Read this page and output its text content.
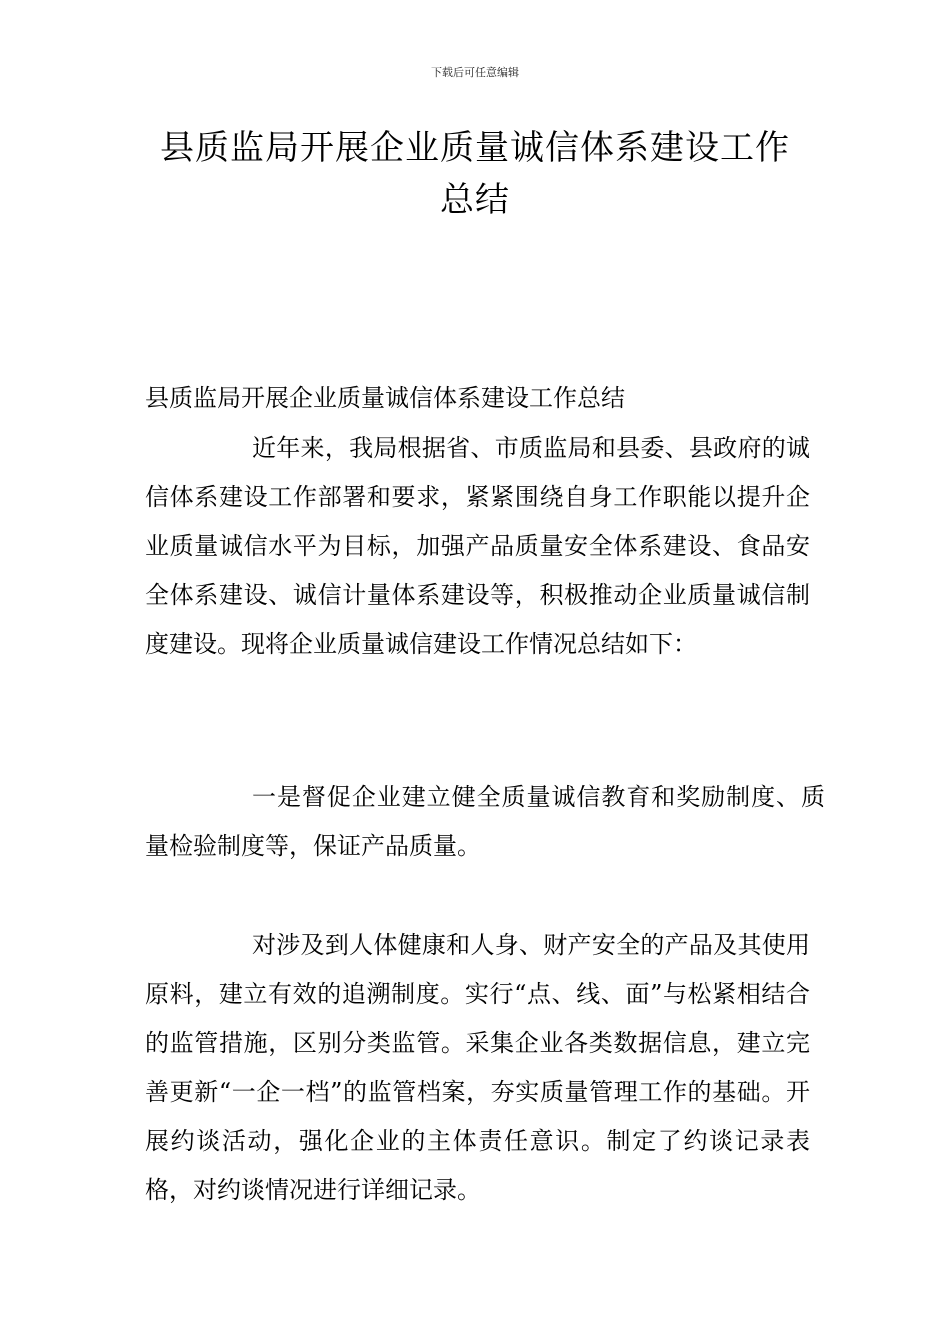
下载后可任意编辑
县质监局开展企业质量诚信体系建设工作
总结

县质监局开展企业质量诚信体系建设工作总结

近年来，我局根据省、市质监局和县委、县政府的诚信体系建设工作部署和要求，紧紧围绕自身工作职能以提升企业质量诚信水平为目标，加强产品质量安全体系建设、食品安全体系建设、诚信计量体系建设等，积极推动企业质量诚信制度建设。现将企业质量诚信建设工作情况总结如下：

一是督促企业建立健全质量诚信教育和奖励制度、质量检验制度等，保证产品质量。

对涉及到人体健康和人身、财产安全的产品及其使用原料，建立有效的追溯制度。实行“点、线、面”与松紧相结合的监管措施，区别分类监管。采集企业各类数据信息，建立完善更新“一企一档”的监管档案，夯实质量管理工作的基础。开展约谈活动，强化企业的主体责任意识。制定了约谈记录表格，对约谈情况进行详细记录。
